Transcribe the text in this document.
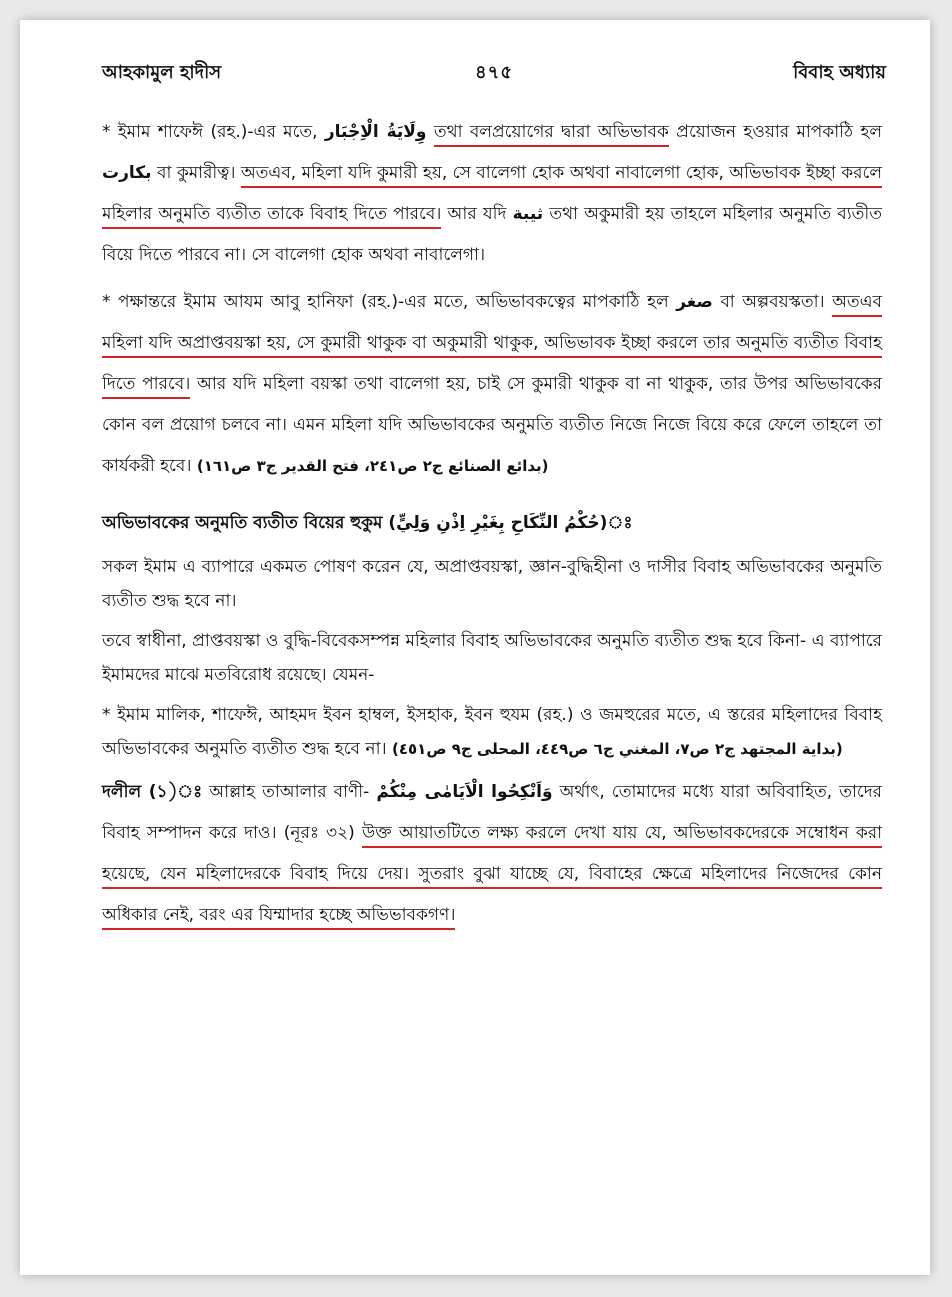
আহকামুল হাদীস	৪৭৫	বিবাহ অধ্যায়

* ইমাম শাফেঈ (রহ.)-এর মতে, وِلَايَةُ الْاِجْبَار তথা বলপ্রয়োগের দ্বারা অভিভাবক প্রয়োজন হওয়ার মাপকাঠি হল بكارت বা কুমারীত্ব। অতএব, মহিলা যদি কুমারী হয়, সে বালেগা হোক অথবা নাবালেগা হোক, অভিভাবক ইচ্ছা করলে মহিলার অনুমতি ব্যতীত তাকে বিবাহ দিতে পারবে। আর যদি ثيبة তথা অকুমারী হয় তাহলে মহিলার অনুমতি ব্যতীত বিয়ে দিতে পারবে না। সে বালেগা হোক অথবা নাবালেগা।

* পক্ষান্তরে ইমাম আযম আবু হানিফা (রহ.)-এর মতে, অভিভাবকত্বের মাপকাঠি হল صغر বা অল্পবয়স্কতা। অতএব মহিলা যদি অপ্রাপ্তবয়স্কা হয়, সে কুমারী থাকুক বা অকুমারী থাকুক, অভিভাবক ইচ্ছা করলে তার অনুমতি ব্যতীত বিবাহ দিতে পারবে। আর যদি মহিলা বয়স্কা তথা বালেগা হয়, চাই সে কুমারী থাকুক বা না থাকুক, তার উপর অভিভাবকের কোন বল প্রয়োগ চলবে না। এমন মহিলা যদি অভিভাবকের অনুমতি ব্যতীত নিজে নিজে বিয়ে করে ফেলে তাহলে তা কার্যকরী হবে। (بدائع الصنائع ج٢ ص٢٤١، فتح القدير ج٣ ص١٦١)

অভিভাবকের অনুমতি ব্যতীত বিয়ের হুকুম (حُكْمُ النِّكَاحِ بِغَيْرِ اِذْنِ وَلِيٍّ)ঃ

সকল ইমাম এ ব্যাপারে একমত পোষণ করেন যে, অপ্রাপ্তবয়স্কা, জ্ঞান-বুদ্ধিহীনা ও দাসীর বিবাহ অভিভাবকের অনুমতি ব্যতীত শুদ্ধ হবে না।

তবে স্বাধীনা, প্রাপ্তবয়স্কা ও বুদ্ধি-বিবেকসম্পন্ন মহিলার বিবাহ অভিভাবকের অনুমতি ব্যতীত শুদ্ধ হবে কিনা- এ ব্যাপারে ইমামদের মাঝে মতবিরোধ রয়েছে। যেমন-

* ইমাম মালিক, শাফেঈ, আহমদ ইবন হাম্বল, ইসহাক, ইবন হুযম (রহ.) ও জমহুরের মতে, এ স্তরের মহিলাদের বিবাহ অভিভাবকের অনুমতি ব্যতীত শুদ্ধ হবে না। (بداية المجتهد ج٢ ص٧، المغني ج٦ ص٤٤٩، المحلى ج٩ ص٤٥١)

দলীল (১)ঃ আল্লাহ তাআলার বাণী- وَاَنْكِحُوا الْاَيَامٰى مِنْكُمْ অর্থাৎ, তোমাদের মধ্যে যারা অবিবাহিত, তাদের বিবাহ সম্পাদন করে দাও। (নূরঃ ৩২) উক্ত আয়াতটিতে লক্ষ্য করলে দেখা যায় যে, অভিভাবকদেরকে সম্বোধন করা হয়েছে, যেন মহিলাদেরকে বিবাহ দিয়ে দেয়। সুতরাং বুঝা যাচ্ছে যে, বিবাহের ক্ষেত্রে মহিলাদের নিজেদের কোন অধিকার নেই, বরং এর যিম্মাদার হচ্ছে অভিভাবকগণ।
